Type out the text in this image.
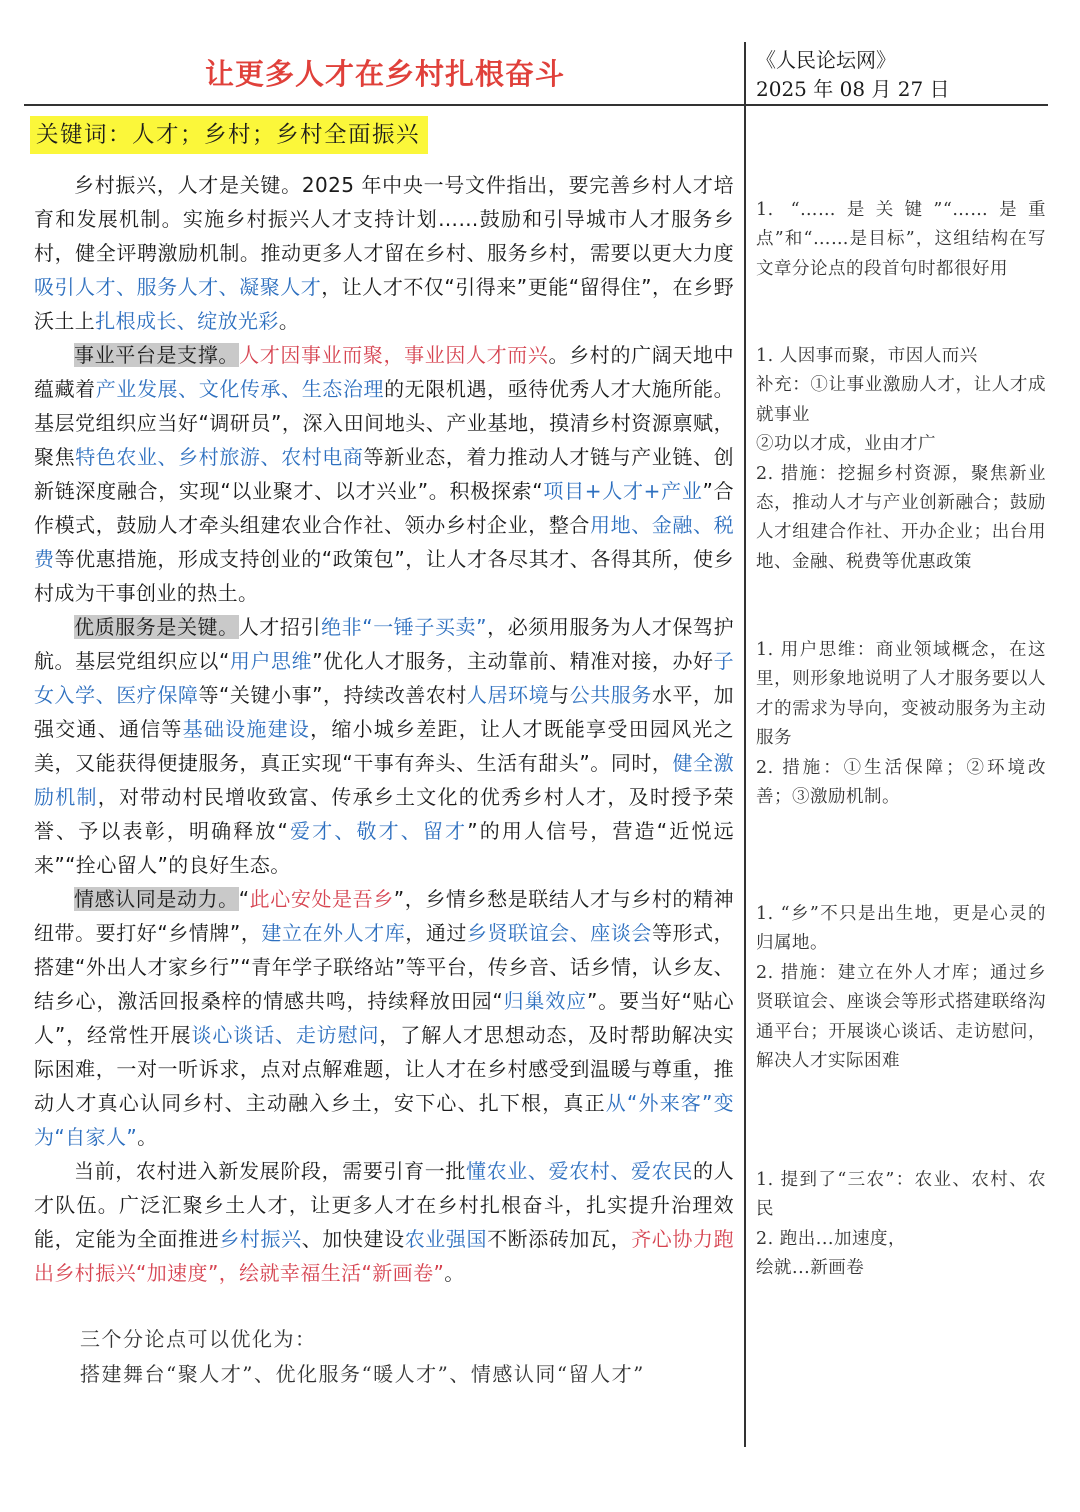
让更多人才在乡村扎根奋斗	《人民论坛网》
2025 年 08 月 27 日
关键词：人才；乡村；乡村全面振兴

乡村振兴，人才是关键。2025 年中央一号文件指出，要完善乡村人才培育和发展机制。实施乡村振兴人才支持计划……鼓励和引导城市人才服务乡村，健全评聘激励机制。推动更多人才留在乡村、服务乡村，需要以更大力度吸引人才、服务人才、凝聚人才，让人才不仅“引得来”更能“留得住”，在乡野沃土上扎根成长、绽放光彩。

事业平台是支撑。人才因事业而聚，事业因人才而兴。乡村的广阔天地中蕴藏着产业发展、文化传承、生态治理的无限机遇，亟待优秀人才大施所能。基层党组织应当好“调研员”，深入田间地头、产业基地，摸清乡村资源禀赋，聚焦特色农业、乡村旅游、农村电商等新业态，着力推动人才链与产业链、创新链深度融合，实现“以业聚才、以才兴业”。积极探索“项目+人才+产业”合作模式，鼓励人才牵头组建农业合作社、领办乡村企业，整合用地、金融、税费等优惠措施，形成支持创业的“政策包”，让人才各尽其才、各得其所，使乡村成为干事创业的热土。

优质服务是关键。人才招引绝非“一锤子买卖”，必须用服务为人才保驾护航。基层党组织应以“用户思维”优化人才服务，主动靠前、精准对接，办好子女入学、医疗保障等“关键小事”，持续改善农村人居环境与公共服务水平，加强交通、通信等基础设施建设，缩小城乡差距，让人才既能享受田园风光之美，又能获得便捷服务，真正实现“干事有奔头、生活有甜头”。同时，健全激励机制，对带动村民增收致富、传承乡土文化的优秀乡村人才，及时授予荣誉、予以表彰，明确释放“爱才、敬才、留才”的用人信号，营造“近悦远来”“拴心留人”的良好生态。

情感认同是动力。“此心安处是吾乡”，乡情乡愁是联结人才与乡村的精神纽带。要打好“乡情牌”，建立在外人才库，通过乡贤联谊会、座谈会等形式，搭建“外出人才家乡行”“青年学子联络站”等平台，传乡音、话乡情，认乡友、结乡心，激活回报桑梓的情感共鸣，持续释放田园“归巢效应”。要当好“贴心人”，经常性开展谈心谈话、走访慰问，了解人才思想动态，及时帮助解决实际困难，一对一听诉求，点对点解难题，让人才在乡村感受到温暖与尊重，推动人才真心认同乡村、主动融入乡土，安下心、扎下根，真正从“外来客”变为“自家人”。

当前，农村进入新发展阶段，需要引育一批懂农业、爱农村、爱农民的人才队伍。广泛汇聚乡土人才，让更多人才在乡村扎根奋斗，扎实提升治理效能，定能为全面推进乡村振兴、加快建设农业强国不断添砖加瓦，齐心协力跑出乡村振兴“加速度”，绘就幸福生活“新画卷”。

三个分论点可以优化为：
搭建舞台“聚人才”、优化服务“暖人才”、情感认同“留人才”
1. “……是关键”“……是重点”和“……是目标”，这组结构在写文章分论点的段首句时都很好用
1. 人因事而聚，市因人而兴
补充：①让事业激励人才，让人才成就事业
②功以才成，业由才广
2. 措施：挖掘乡村资源，聚焦新业态，推动人才与产业创新融合；鼓励人才组建合作社、开办企业；出台用地、金融、税费等优惠政策
1. 用户思维：商业领域概念，在这里，则形象地说明了人才服务要以人才的需求为导向，变被动服务为主动服务
2. 措施：①生活保障；②环境改善；③激励机制。
1. “乡”不只是出生地，更是心灵的归属地。
2. 措施：建立在外人才库；通过乡贤联谊会、座谈会等形式搭建联络沟通平台；开展谈心谈话、走访慰问，解决人才实际困难
1. 提到了“三农”：农业、农村、农民
2. 跑出...加速度，
绘就...新画卷
